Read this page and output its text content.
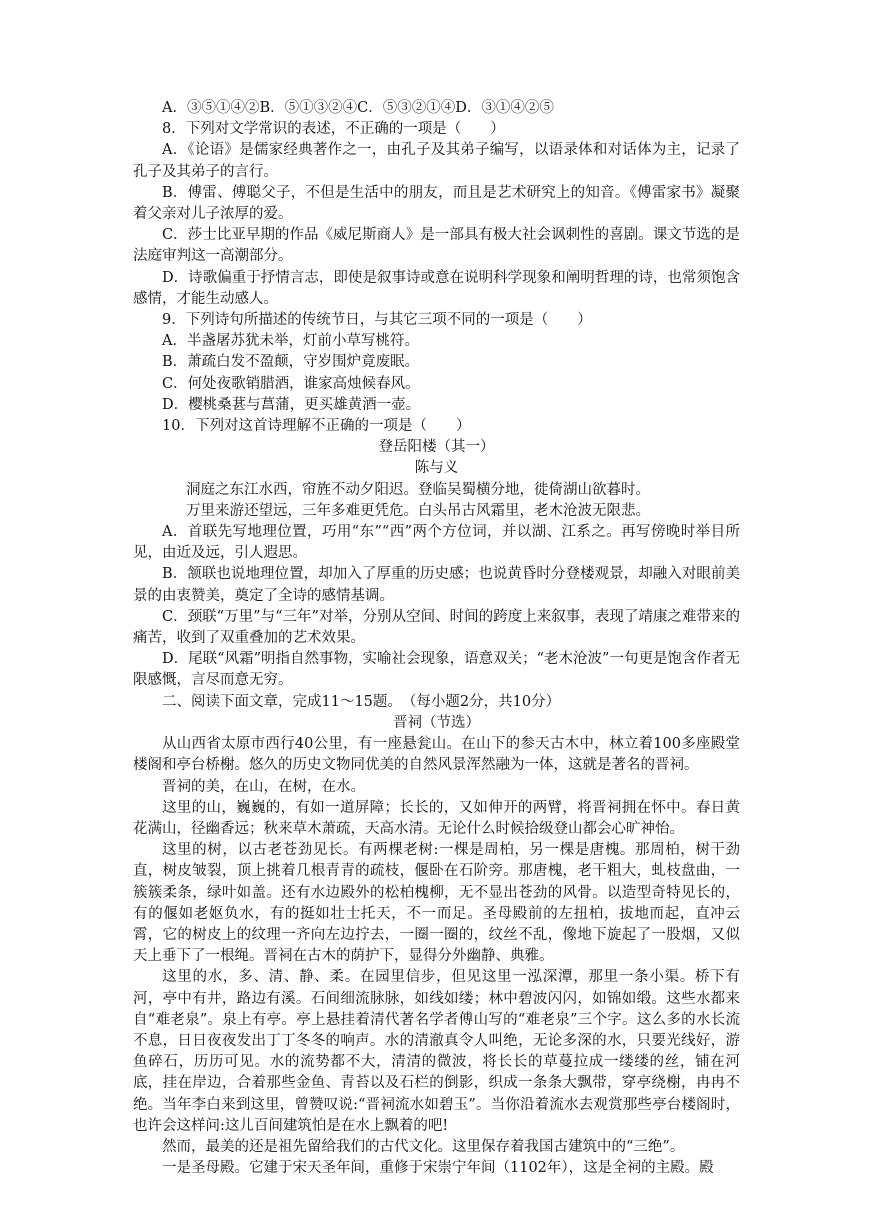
A．③⑤①④②B．⑤①③②④C．⑤③②①④D．③①④②⑤

8．下列对文学常识的表述，不正确的一项是（　　）

A．《论语》是儒家经典著作之一，由孔子及其弟子编写，以语录体和对话体为主，记录了孔子及其弟子的言行。

B．傅雷、傅聪父子，不但是生活中的朋友，而且是艺术研究上的知音。《傅雷家书》凝聚着父亲对儿子浓厚的爱。

C．莎士比亚早期的作品《威尼斯商人》是一部具有极大社会讽刺性的喜剧。课文节选的是法庭审判这一高潮部分。

D．诗歌偏重于抒情言志，即使是叙事诗或意在说明科学现象和阐明哲理的诗，也常须饱含感情，才能生动感人。

9．下列诗句所描述的传统节日，与其它三项不同的一项是（　　）

A．半盏屠苏犹未举，灯前小草写桃符。

B．萧疏白发不盈颠，守岁围炉竟废眠。

C．何处夜歌销腊酒，谁家高烛候春风。

D．樱桃桑葚与菖蒲，更买雄黄酒一壶。

10．下列对这首诗理解不正确的一项是（　　）

登岳阳楼（其一）

陈与义

洞庭之东江水西，帘旌不动夕阳迟。登临吴蜀横分地，徙倚湖山欲暮时。

万里来游还望远，三年多难更凭危。白头吊古风霜里，老木沧波无限悲。

A．首联先写地理位置，巧用“东”“西”两个方位词，并以湖、江系之。再写傍晚时举目所见，由近及远，引人遐思。

B．颔联也说地理位置，却加入了厚重的历史感；也说黄昏时分登楼观景，却融入对眼前美景的由衷赞美，奠定了全诗的感情基调。

C．颈联“万里”与“三年”对举，分别从空间、时间的跨度上来叙事，表现了靖康之难带来的痛苦，收到了双重叠加的艺术效果。

D．尾联“风霜”明指自然事物，实喻社会现象，语意双关；“老木沧波”一句更是饱含作者无限感慨，言尽而意无穷。

二、阅读下面文章，完成11～15题。　（每小题2分，共10分）

晋祠（节选）

从山西省太原市西行40公里，有一座悬瓮山。在山下的参天古木中，林立着100多座殿堂楼阁和亭台桥榭。悠久的历史文物同优美的自然风景浑然融为一体，这就是著名的晋祠。

晋祠的美，在山，在树，在水。

这里的山，巍巍的，有如一道屏障；长长的，又如伸开的两臂，将晋祠拥在怀中。春日黄花满山，径幽香远；秋来草木萧疏，天高水清。无论什么时候拾级登山都会心旷神怡。

这里的树，以古老苍劲见长。有两棵老树:一棵是周柏，另一棵是唐槐。那周柏，树干劲直，树皮皱裂，顶上挑着几根青青的疏枝，偃卧在石阶旁。那唐槐，老干粗大，虬枝盘曲，一簇簇柔条，绿叶如盖。还有水边殿外的松柏槐柳，无不显出苍劲的风骨。以造型奇特见长的，有的偃如老妪负水，有的挺如壮士托天，不一而足。圣母殿前的左扭柏，拔地而起，直冲云霄，它的树皮上的纹理一齐向左边拧去，一圈一圈的，纹丝不乱，像地下旋起了一股烟，又似天上垂下了一根绳。晋祠在古木的荫护下，显得分外幽静、典雅。

这里的水，多、清、静、柔。在园里信步，但见这里一泓深潭，那里一条小渠。桥下有河，亭中有井，路边有溪。石间细流脉脉，如线如缕；林中碧波闪闪，如锦如缎。这些水都来自“难老泉”。泉上有亭。亭上悬挂着清代著名学者傅山写的“难老泉”三个字。这么多的水长流不息，日日夜夜发出丁丁冬冬的响声。水的清澈真令人叫绝，无论多深的水，只要光线好，游鱼碎石，历历可见。水的流势都不大，清清的微波，将长长的草蔓拉成一缕缕的丝，铺在河底，挂在岸边，合着那些金鱼、青苔以及石栏的倒影，织成一条条大飘带，穿亭绕榭，冉冉不绝。当年李白来到这里，曾赞叹说:“晋祠流水如碧玉”。当你沿着流水去观赏那些亭台楼阁时，也许会这样问:这儿百间建筑怕是在水上飘着的吧!

然而，最美的还是祖先留给我们的古代文化。这里保存着我国古建筑中的“三绝”。

一是圣母殿。它建于宋天圣年间，重修于宋崇宁年间（1102年），这是全祠的主殿。殿
